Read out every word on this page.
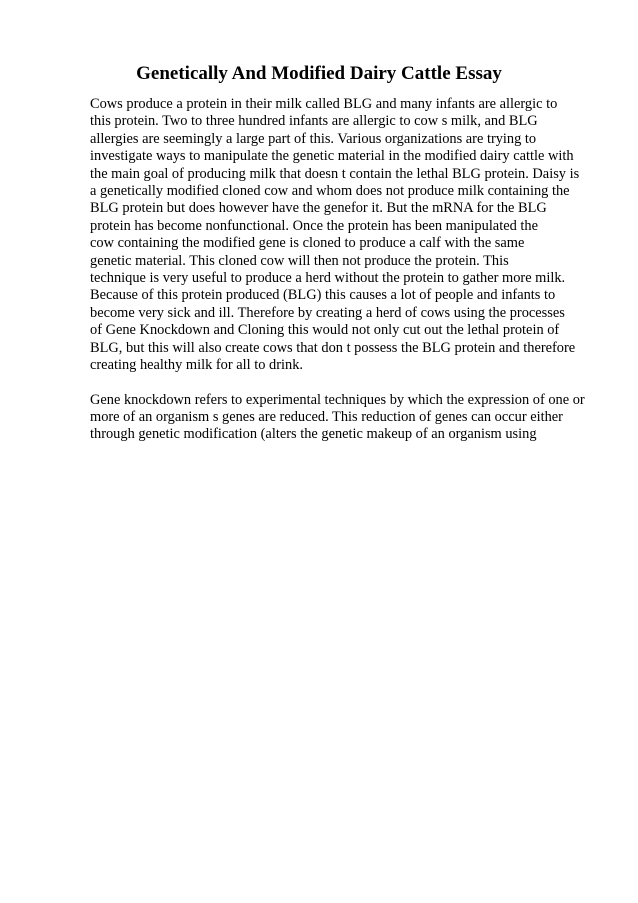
Genetically And Modified Dairy Cattle Essay

Cows produce a protein in their milk called BLG and many infants are allergic to
this protein. Two to three hundred infants are allergic to cow s milk, and BLG
allergies are seemingly a large part of this. Various organizations are trying to
investigate ways to manipulate the genetic material in the modified dairy cattle with
the main goal of producing milk that doesn t contain the lethal BLG protein. Daisy is
a genetically modified cloned cow and whom does not produce milk containing the
BLG protein but does however have the genefor it. But the mRNA for the BLG
protein has become nonfunctional. Once the protein has been manipulated the
cow containing the modified gene is cloned to produce a calf with the same
genetic material. This cloned cow will then not produce the protein. This
technique is very useful to produce a herd without the protein to gather more milk.
Because of this protein produced (BLG) this causes a lot of people and infants to
become very sick and ill. Therefore by creating a herd of cows using the processes
of Gene Knockdown and Cloning this would not only cut out the lethal protein of
BLG, but this will also create cows that don t possess the BLG protein and therefore
creating healthy milk for all to drink.

Gene knockdown refers to experimental techniques by which the expression of one or
more of an organism s genes are reduced. This reduction of genes can occur either
through genetic modification (alters the genetic makeup of an organism using
